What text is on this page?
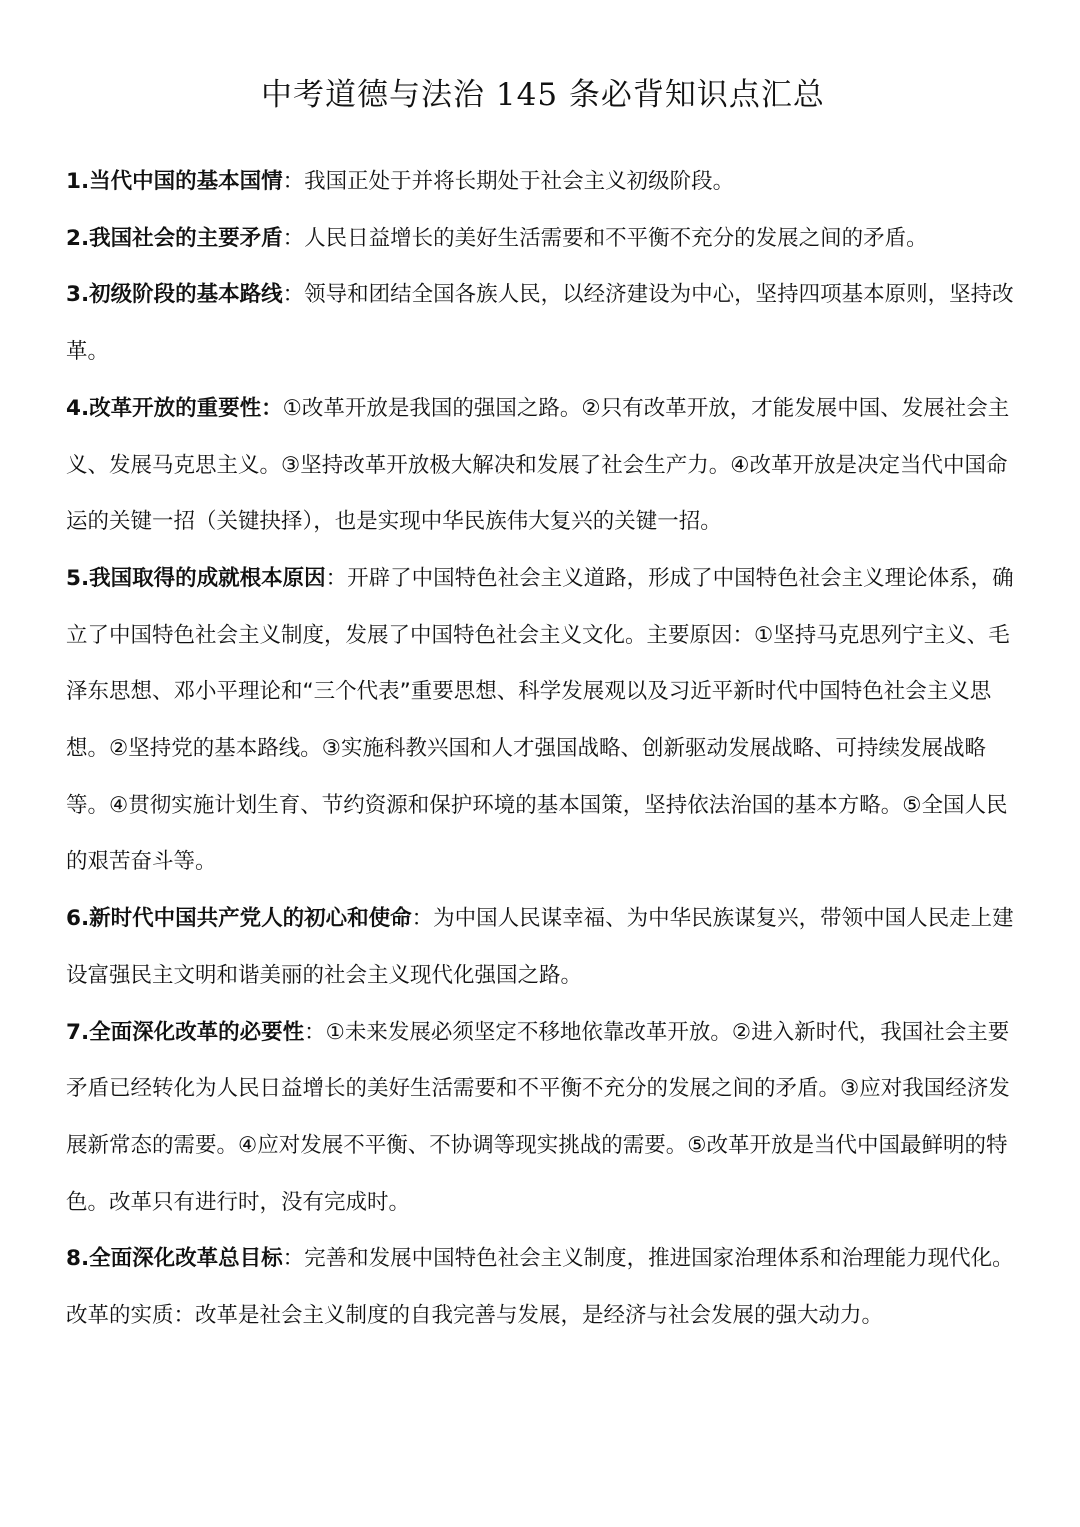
中考道德与法治 145 条必背知识点汇总

1.当代中国的基本国情：我国正处于并将长期处于社会主义初级阶段。

2.我国社会的主要矛盾：人民日益增长的美好生活需要和不平衡不充分的发展之间的矛盾。

3.初级阶段的基本路线：领导和团结全国各族人民，以经济建设为中心，坚持四项基本原则，坚持改革。

4.改革开放的重要性：①改革开放是我国的强国之路。②只有改革开放，才能发展中国、发展社会主义、发展马克思主义。③坚持改革开放极大解决和发展了社会生产力。④改革开放是决定当代中国命运的关键一招（关键抉择），也是实现中华民族伟大复兴的关键一招。

5.我国取得的成就根本原因：开辟了中国特色社会主义道路，形成了中国特色社会主义理论体系，确立了中国特色社会主义制度，发展了中国特色社会主义文化。主要原因：①坚持马克思列宁主义、毛泽东思想、邓小平理论和“三个代表”重要思想、科学发展观以及习近平新时代中国特色社会主义思想。②坚持党的基本路线。③实施科教兴国和人才强国战略、创新驱动发展战略、可持续发展战略等。④贯彻实施计划生育、节约资源和保护环境的基本国策，坚持依法治国的基本方略。⑤全国人民的艰苦奋斗等。

6.新时代中国共产党人的初心和使命：为中国人民谋幸福、为中华民族谋复兴，带领中国人民走上建设富强民主文明和谐美丽的社会主义现代化强国之路。

7.全面深化改革的必要性：①未来发展必须坚定不移地依靠改革开放。②进入新时代，我国社会主要矛盾已经转化为人民日益增长的美好生活需要和不平衡不充分的发展之间的矛盾。③应对我国经济发展新常态的需要。④应对发展不平衡、不协调等现实挑战的需要。⑤改革开放是当代中国最鲜明的特色。改革只有进行时，没有完成时。

8.全面深化改革总目标：完善和发展中国特色社会主义制度，推进国家治理体系和治理能力现代化。改革的实质：改革是社会主义制度的自我完善与发展，是经济与社会发展的强大动力。
